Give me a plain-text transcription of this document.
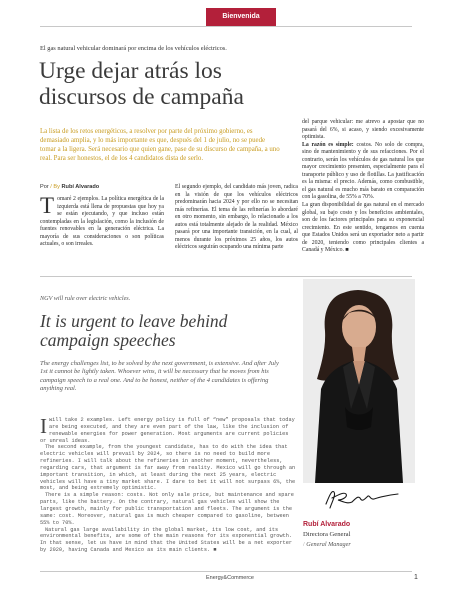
Bienvenida
El gas natural vehicular dominará por encima de los vehículos eléctricos.
Urge dejar atrás los discursos de campaña

La lista de los retos energéticos, a resolver por parte del próximo gobierno, es demasiado amplia, y lo más importante es que, después del 1 de julio, no se puede tomar a la ligera. Será necesario que quien gane, pase de su discurso de campaña, a uno real. Para ser honestos, el de los 4 candidatos dista de serlo.

Por / By Rubí Alvarado
Tomaré 2 ejemplos. La política energética de la izquierda está llena de propuestas que hoy ya se están ejecutando, y que incluso están contempladas en la legislación, como la inclusión de fuentes renovables en la generación eléctrica. La mayoría de sus consideraciones o son políticas actuales, o son irreales.

El segundo ejemplo, del candidato más joven, radica en la visión de que los vehículos eléctricos predominarán hacia 2024 y por ello no se necesitan más refinerías. El tema de las refinerías lo abordaré en otro momento, sin embargo, lo relacionado a los autos está totalmente alejado de la realidad. México pasará por una importante transición, en la cual, al menos durante los próximos 25 años, los autos eléctricos seguirán ocupando una mínima parte

del parque vehicular: me atrevo a apostar que no pasará del 6%, si acaso, y siendo excesivamente optimista.

La razón es simple: costos. No solo de compra, sino de mantenimiento y de sus refacciones. Por el contrario, serán los vehículos de gas natural los que mayor crecimiento presenten, especialmente para el transporte público y uso de flotillas. La justificación es la misma: el precio. Además, como combustible, el gas natural es mucho más barato en comparación con la gasolina, de 55% a 70%.

La gran disponibilidad de gas natural en el mercado global, su bajo costo y los beneficios ambientales, son de los factores principales para su exponencial crecimiento. En este sentido, tengamos en cuenta que Estados Unidos será un exportador neto a partir de 2020, teniendo como principales clientes a Canadá y México. ■

NGV will rule over electric vehicles.
It is urgent to leave behind campaign speeches

The energy challenges list, to be solved by the next government, is extensive. And after July 1st it cannot be lightly taken. Whoever wins, it will be necessary that he moves from his campaign speech to a real one. And to be honest, neither of the 4 candidates is offering anything real.

Iwill take 2 examples. Left energy policy is full of “new” proposals that today are being executed, and they are even part of the law, like the inclusion of renewable energies for power generation. Most arguments are current policies or unreal ideas.

The second example, from the youngest candidate, has to do with the idea that electric vehicles will prevail by 2024, so there is no need to build more refineries. I will talk about the refineries in another moment, nevertheless, regarding cars, that argument is far away from reality. Mexico will go through an important transition, in which, at least during the next 25 years, electric vehicles will have a tiny market share. I dare to bet it will not surpass 6%, the most, and being extremely optimistic.

There is a simple reason: costs. Not only sale price, but maintenance and spare parts, like the battery. On the contrary, natural gas vehicles will show the largest growth, mainly for public transportation and fleets. The argument is the same: cost. Moreover, natural gas is much cheaper compared to gasoline, between 55% to 70%.

Natural gas large availability in the global market, its low cost, and its environmental benefits, are some of the main reasons for its exponential growth. In that sense, let us have in mind that the United States will be a net exporter by 2020, having Canada and Mexico as its main clients. ■

Rubí Alvarado
Directora General
/ General Manager
Energy&Commerce	1
